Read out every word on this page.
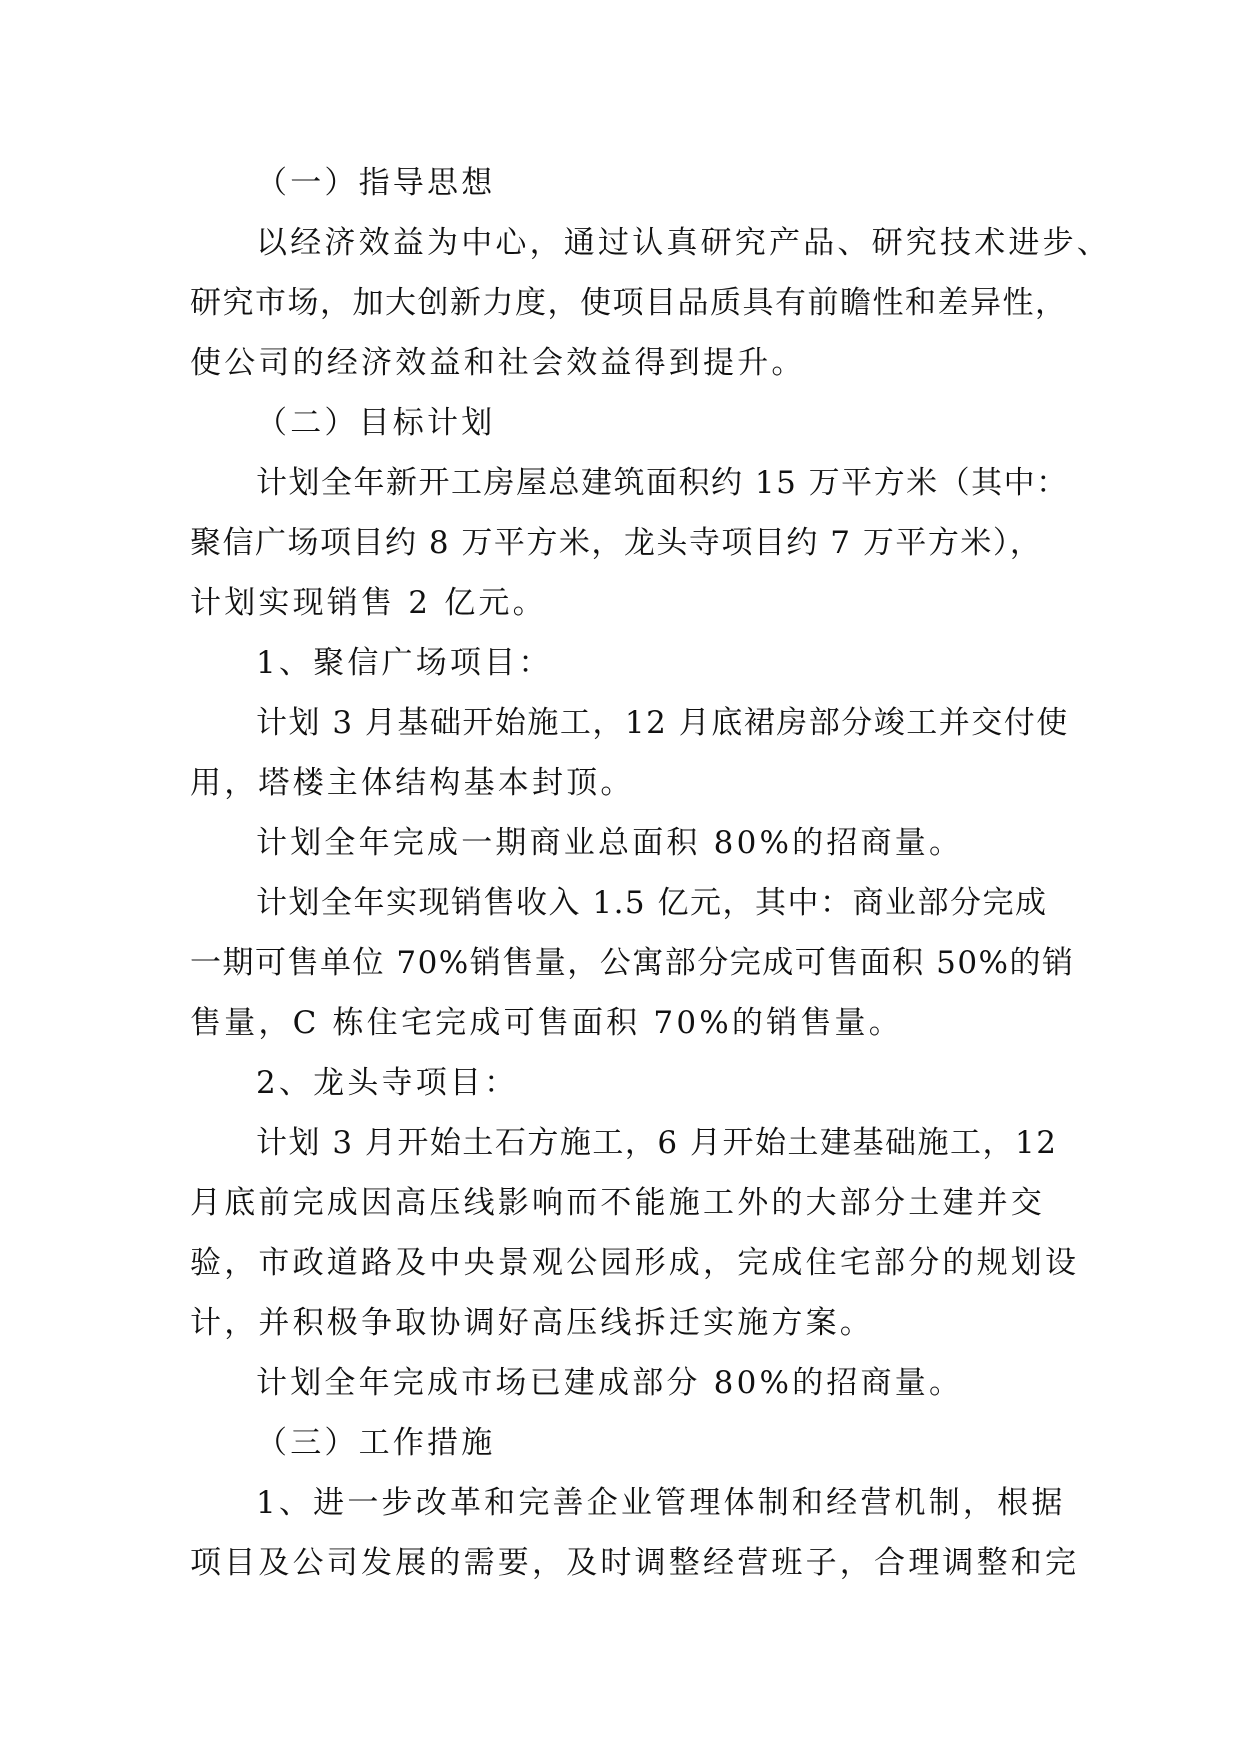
（一）指导思想
以经济效益为中心，通过认真研究产品、研究技术进步、
研究市场，加大创新力度，使项目品质具有前瞻性和差异性，
使公司的经济效益和社会效益得到提升。
（二）目标计划
计划全年新开工房屋总建筑面积约 15 万平方米（其中：
聚信广场项目约 8 万平方米，龙头寺项目约 7 万平方米），
计划实现销售 2 亿元。
1、聚信广场项目：
计划 3 月基础开始施工，12 月底裙房部分竣工并交付使
用，塔楼主体结构基本封顶。
计划全年完成一期商业总面积 80%的招商量。
计划全年实现销售收入 1.5 亿元，其中：商业部分完成
一期可售单位 70%销售量，公寓部分完成可售面积 50%的销
售量，C 栋住宅完成可售面积 70%的销售量。
2、龙头寺项目：
计划 3 月开始土石方施工，6 月开始土建基础施工，12
月底前完成因高压线影响而不能施工外的大部分土建并交
验，市政道路及中央景观公园形成，完成住宅部分的规划设
计，并积极争取协调好高压线拆迁实施方案。
计划全年完成市场已建成部分 80%的招商量。
（三）工作措施
1、进一步改革和完善企业管理体制和经营机制，根据
项目及公司发展的需要，及时调整经营班子，合理调整和完
